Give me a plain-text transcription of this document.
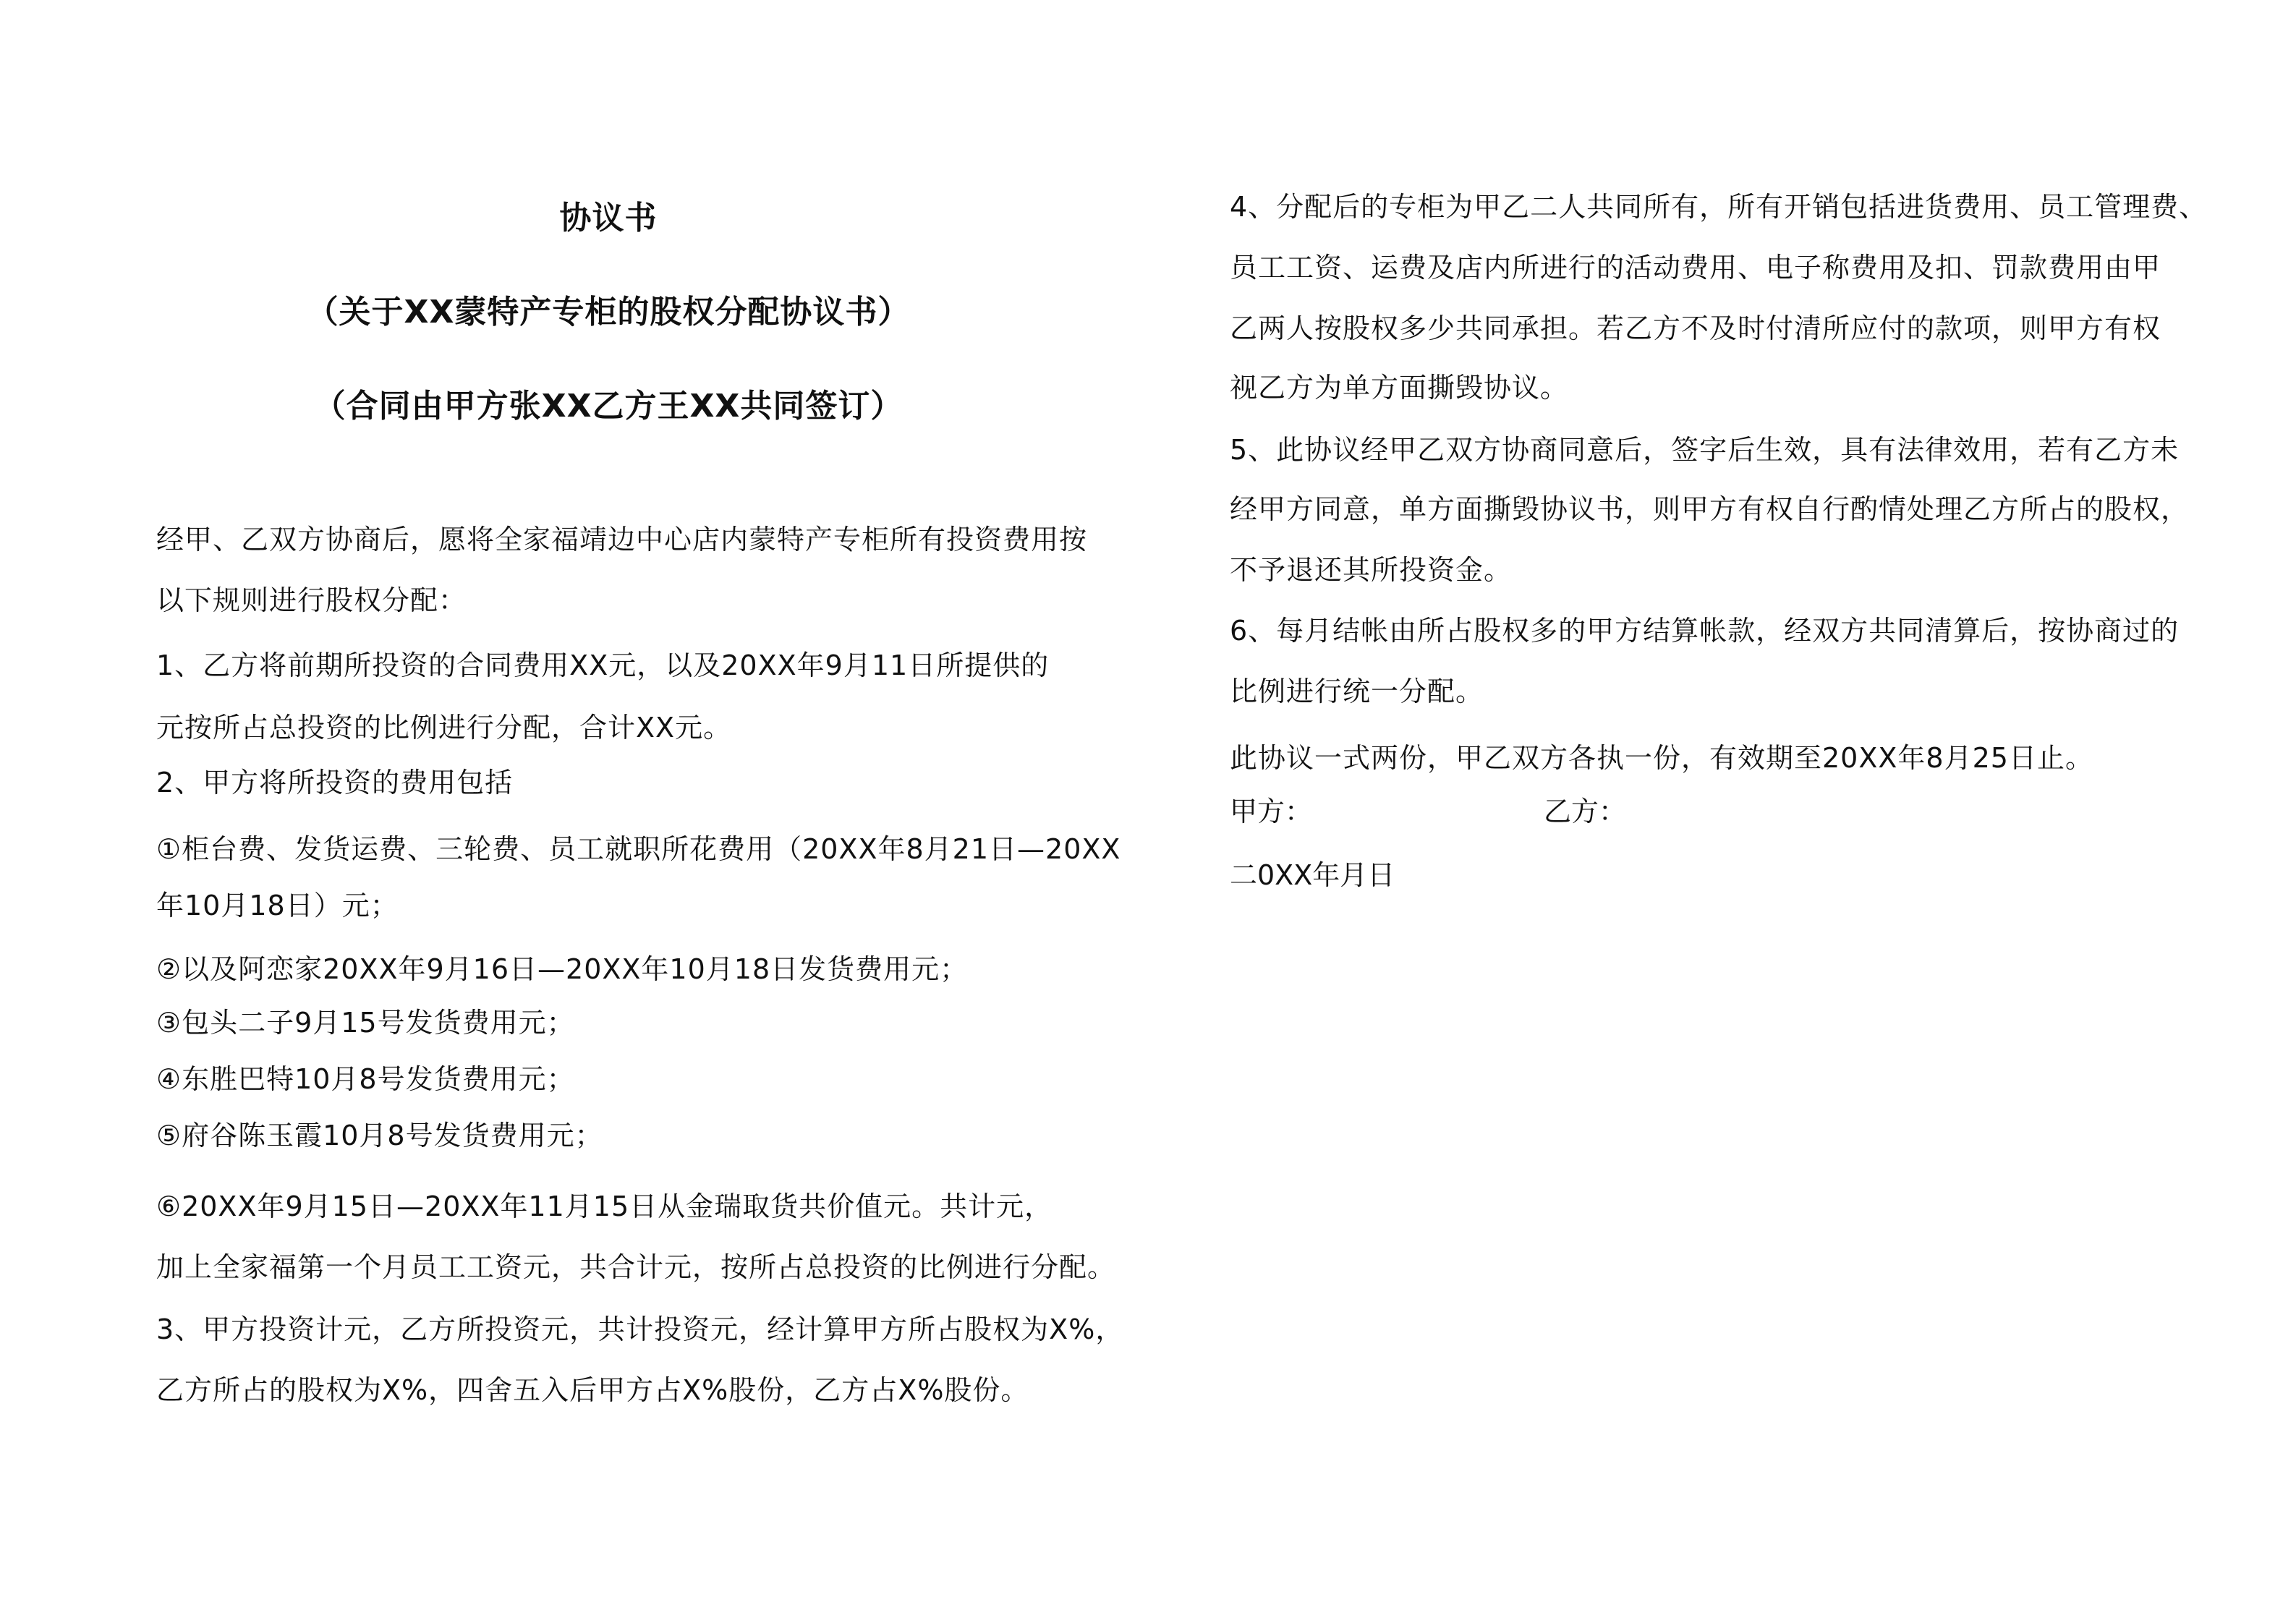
协议书
（关于XX蒙特产专柜的股权分配协议书）
（合同由甲方张XX乙方王XX共同签订）
经甲、乙双方协商后，愿将全家福靖边中心店内蒙特产专柜所有投资费用按
以下规则进行股权分配：
1、乙方将前期所投资的合同费用XX元，以及20XX年9月11日所提供的
元按所占总投资的比例进行分配，合计XX元。
2、甲方将所投资的费用包括
①柜台费、发货运费、三轮费、员工就职所花费用（20XX年8月21日—20XX
年10月18日）元；
②以及阿恋家20XX年9月16日—20XX年10月18日发货费用元；
③包头二子9月15号发货费用元；
④东胜巴特10月8号发货费用元；
⑤府谷陈玉霞10月8号发货费用元；
⑥20XX年9月15日—20XX年11月15日从金瑞取货共价值元。共计元，
加上全家福第一个月员工工资元，共合计元，按所占总投资的比例进行分配。
3、甲方投资计元，乙方所投资元，共计投资元，经计算甲方所占股权为X%，
乙方所占的股权为X%，四舍五入后甲方占X%股份，乙方占X%股份。
4、分配后的专柜为甲乙二人共同所有，所有开销包括进货费用、员工管理费、
员工工资、运费及店内所进行的活动费用、电子称费用及扣、罚款费用由甲
乙两人按股权多少共同承担。若乙方不及时付清所应付的款项，则甲方有权
视乙方为单方面撕毁协议。
5、此协议经甲乙双方协商同意后，签字后生效，具有法律效用，若有乙方未
经甲方同意，单方面撕毁协议书，则甲方有权自行酌情处理乙方所占的股权，
不予退还其所投资金。
6、每月结帐由所占股权多的甲方结算帐款，经双方共同清算后，按协商过的
比例进行统一分配。
此协议一式两份，甲乙双方各执一份，有效期至20XX年8月25日止。
甲方：	乙方：
二0XX年月日
